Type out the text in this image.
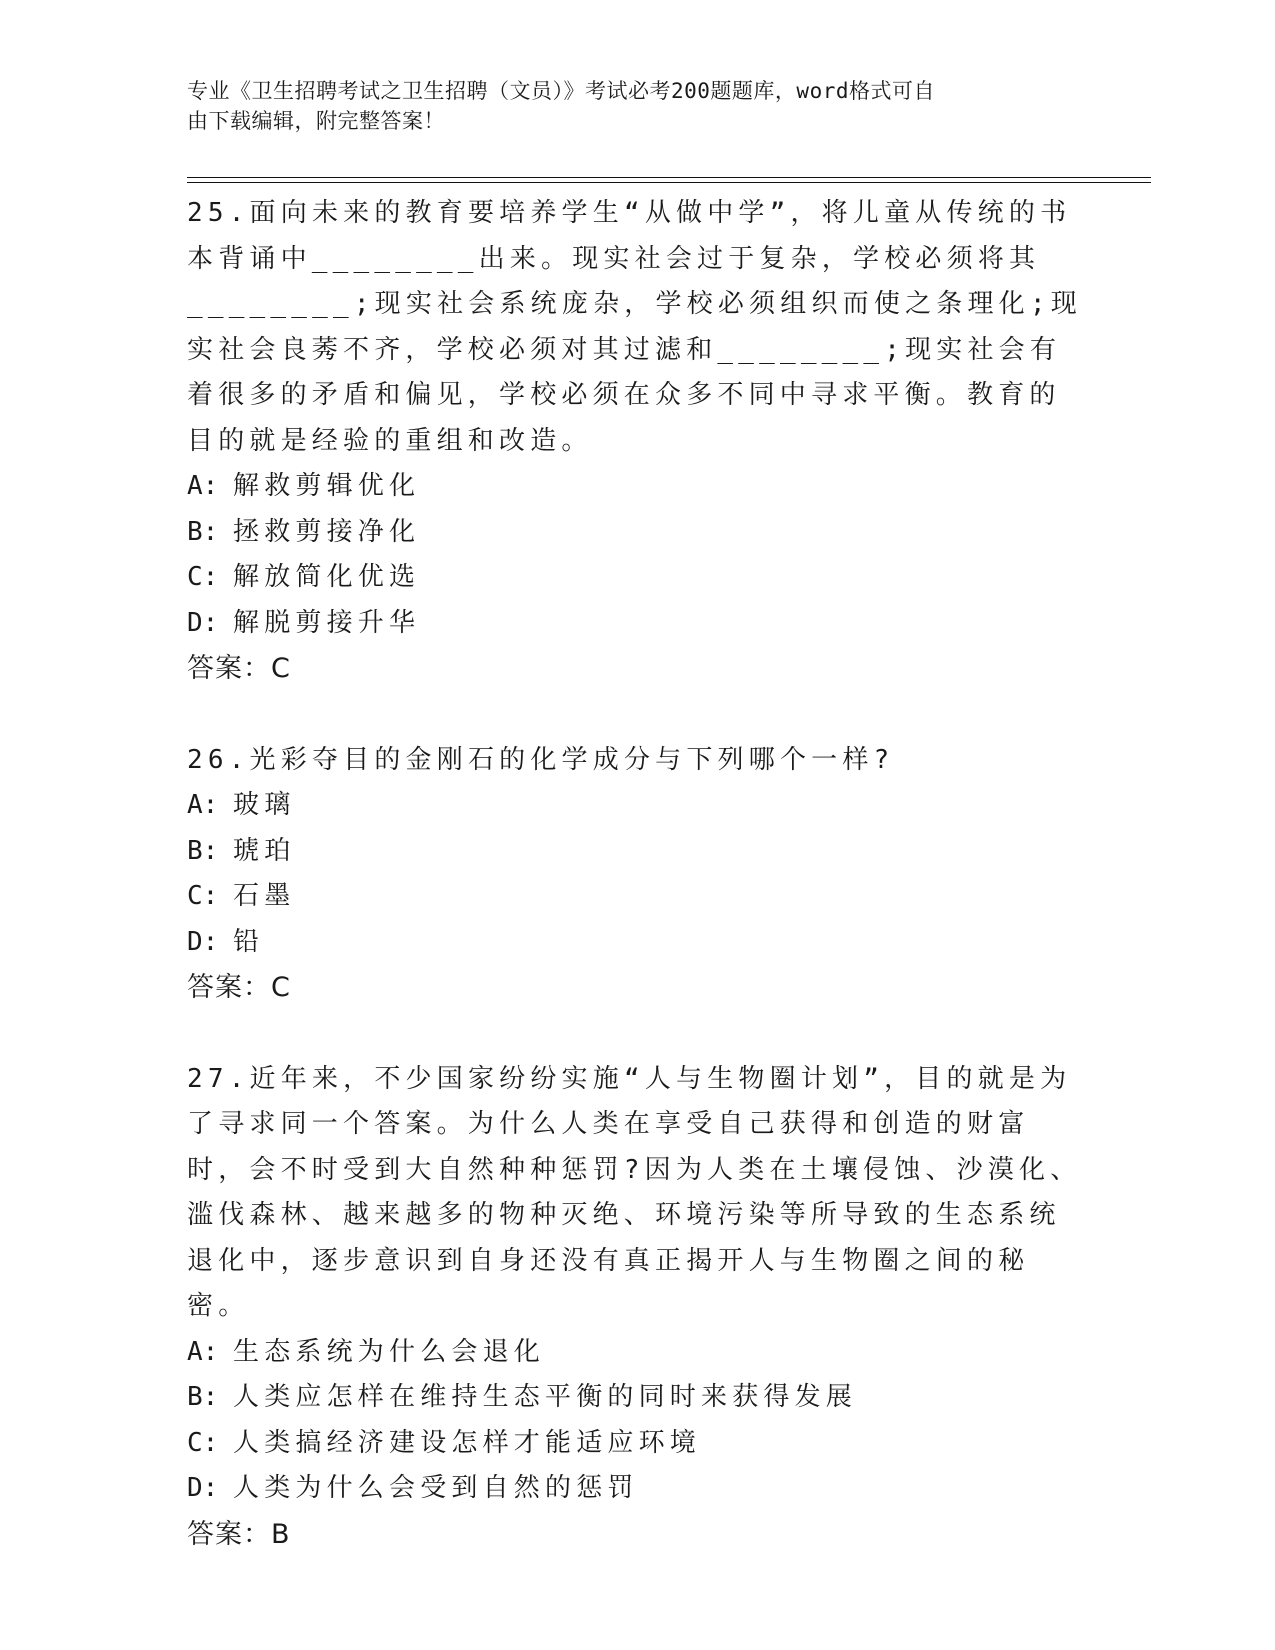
专业《卫生招聘考试之卫生招聘（文员）》考试必考200题题库，word格式可自
由下载编辑，附完整答案！

25.面向未来的教育要培养学生“从做中学”，将儿童从传统的书本背诵中________出来。现实社会过于复杂，学校必须将其________;现实社会系统庞杂，学校必须组织而使之条理化;现实社会良莠不齐，学校必须对其过滤和________;现实社会有着很多的矛盾和偏见，学校必须在众多不同中寻求平衡。教育的目的就是经验的重组和改造。

A: 解救剪辑优化

B: 拯救剪接净化

C: 解放简化优选

D: 解脱剪接升华

答案：C

26.光彩夺目的金刚石的化学成分与下列哪个一样?

A: 玻璃

B: 琥珀

C: 石墨

D: 铅

答案：C

27.近年来，不少国家纷纷实施“人与生物圈计划”，目的就是为了寻求同一个答案。为什么人类在享受自己获得和创造的财富时，会不时受到大自然种种惩罚?因为人类在土壤侵蚀、沙漠化、滥伐森林、越来越多的物种灭绝、环境污染等所导致的生态系统退化中，逐步意识到自身还没有真正揭开人与生物圈之间的秘密。

A: 生态系统为什么会退化

B: 人类应怎样在维持生态平衡的同时来获得发展

C: 人类搞经济建设怎样才能适应环境

D: 人类为什么会受到自然的惩罚

答案：B
